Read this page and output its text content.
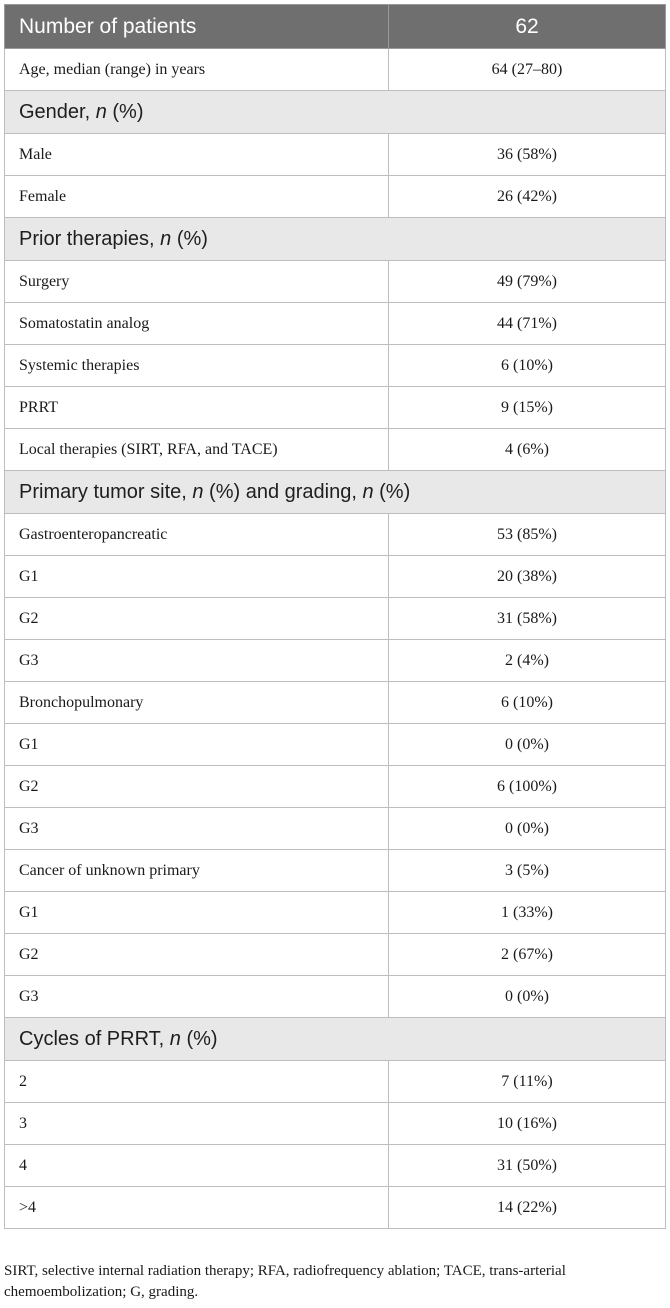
Number of patients	62
Age, median (range) in years	64 (27–80)
Gender, n (%)	
Male	36 (58%)
Female	26 (42%)
Prior therapies, n (%)	
Surgery	49 (79%)
Somatostatin analog	44 (71%)
Systemic therapies	6 (10%)
PRRT	9 (15%)
Local therapies (SIRT, RFA, and TACE)	4 (6%)
Primary tumor site, n (%) and grading, n (%)	
Gastroenteropancreatic	53 (85%)
G1	20 (38%)
G2	31 (58%)
G3	2 (4%)
Bronchopulmonary	6 (10%)
G1	0 (0%)
G2	6 (100%)
G3	0 (0%)
Cancer of unknown primary	3 (5%)
G1	1 (33%)
G2	2 (67%)
G3	0 (0%)
Cycles of PRRT, n (%)	
2	7 (11%)
3	10 (16%)
4	31 (50%)
>4	14 (22%)
SIRT, selective internal radiation therapy; RFA, radiofrequency ablation; TACE, trans-arterial chemoembolization; G, grading.
